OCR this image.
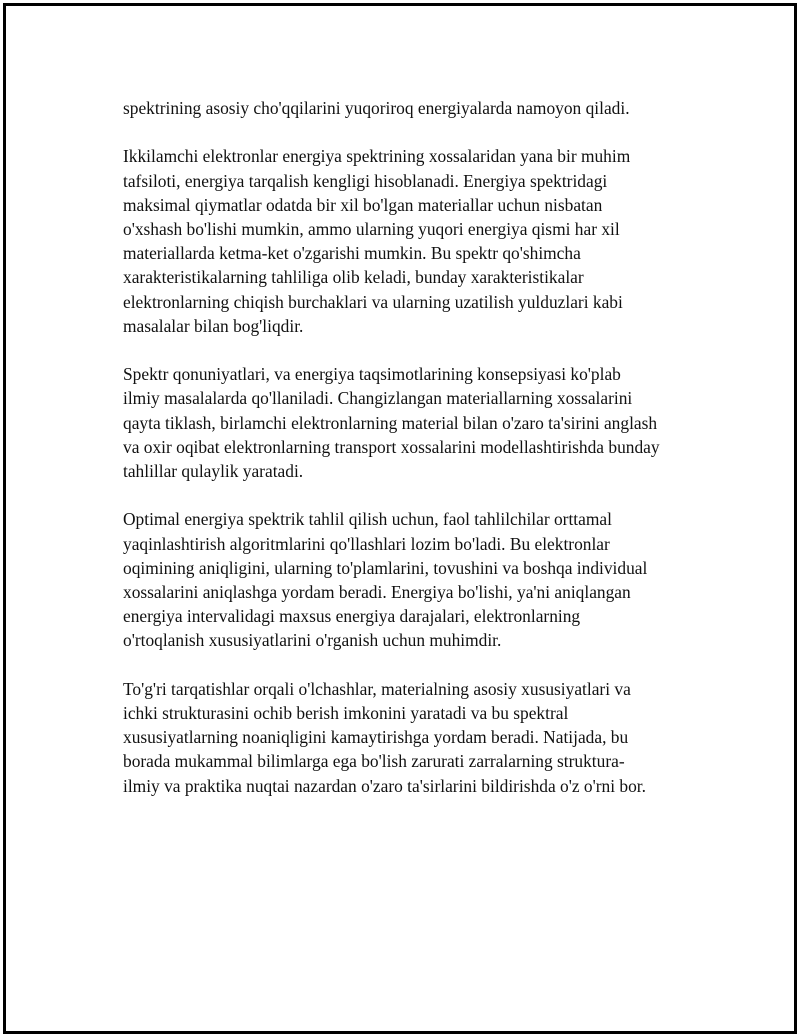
spektrining asosiy cho'qqilarini yuqoriroq energiyalarda namoyon qiladi.
Ikkilamchi elektronlar energiya spektrining xossalaridan yana bir muhim
tafsiloti, energiya tarqalish kengligi hisoblanadi. Energiya spektridagi
maksimal qiymatlar odatda bir xil bo'lgan materiallar uchun nisbatan
o'xshash bo'lishi mumkin, ammo ularning yuqori energiya qismi har xil
materiallarda ketma-ket o'zgarishi mumkin. Bu spektr qo'shimcha
xarakteristikalarning tahliliga olib keladi, bunday xarakteristikalar
elektronlarning chiqish burchaklari va ularning uzatilish yulduzlari kabi
masalalar bilan bog'liqdir.
Spektr qonuniyatlari, va energiya taqsimotlarining konsepsiyasi ko'plab
ilmiy masalalarda qo'llaniladi. Changizlangan materiallarning xossalarini
qayta tiklash, birlamchi elektronlarning material bilan o'zaro ta'sirini anglash
va oxir oqibat elektronlarning transport xossalarini modellashtirishda bunday
tahlillar qulaylik yaratadi.
Optimal energiya spektrik tahlil qilish uchun, faol tahlilchilar orttamal
yaqinlashtirish algoritmlarini qo'llashlari lozim bo'ladi. Bu elektronlar
oqimining aniqligini, ularning to'plamlarini, tovushini va boshqa individual
xossalarini aniqlashga yordam beradi. Energiya bo'lishi, ya'ni aniqlangan
energiya intervalidagi maxsus energiya darajalari, elektronlarning
o'rtoqlanish xususiyatlarini o'rganish uchun muhimdir.
To'g'ri tarqatishlar orqali o'lchashlar, materialning asosiy xususiyatlari va
ichki strukturasini ochib berish imkonini yaratadi va bu spektral
xususiyatlarning noaniqligini kamaytirishga yordam beradi. Natijada, bu
borada mukammal bilimlarga ega bo'lish zarurati zarralarning struktura-
ilmiy va praktika nuqtai nazardan o'zaro ta'sirlarini bildirishda o'z o'rni bor.
